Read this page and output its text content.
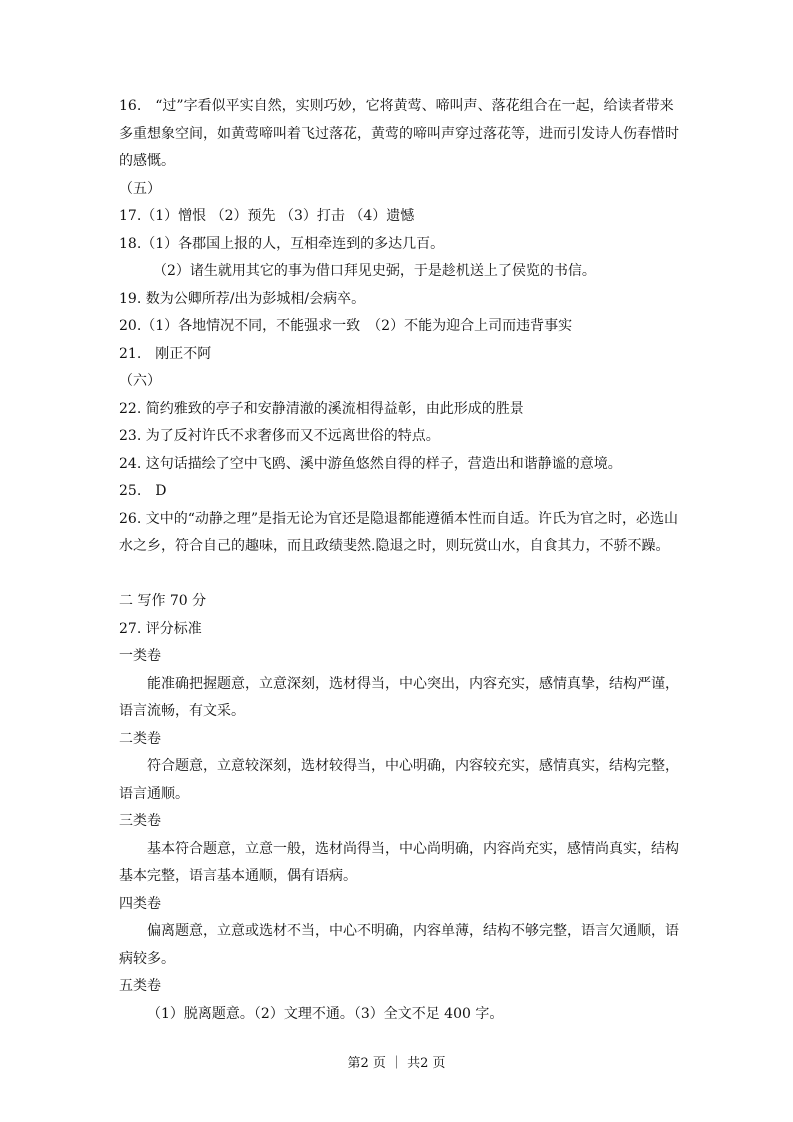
16.　“过”字看似平实自然，实则巧妙，它将黄莺、啼叫声、落花组合在一起，给读者带来多重想象空间，如黄莺啼叫着飞过落花，黄莺的啼叫声穿过落花等，进而引发诗人伤春惜时的感慨。
（五）
17.（1）憎恨 （2）预先 （3）打击 （4）遗憾
18.（1）各郡国上报的人，互相牵连到的多达几百。
（2）诸生就用其它的事为借口拜见史弼，于是趁机送上了侯览的书信。
19. 数为公卿所荐/出为彭城相/会病卒。
20.（1）各地情况不同，不能强求一致　（2）不能为迎合上司而违背事实
21.　刚正不阿
（六）
22. 简约雅致的亭子和安静清澈的溪流相得益彰，由此形成的胜景
23. 为了反衬许氏不求奢侈而又不远离世俗的特点。
24. 这句话描绘了空中飞鸥、溪中游鱼悠然自得的样子，营造出和谐静谧的意境。
25.　D
26. 文中的“动静之理”是指无论为官还是隐退都能遵循本性而自适。许氏为官之时，必选山水之乡，符合自己的趣味，而且政绩斐然.隐退之时，则玩赏山水，自食其力，不骄不躁。
二 写作 70 分
27. 评分标准
一类卷
能准确把握题意，立意深刻，选材得当，中心突出，内容充实，感情真挚，结构严谨，语言流畅，有文采。
二类卷
符合题意，立意较深刻，选材较得当，中心明确，内容较充实，感情真实，结构完整，语言通顺。
三类卷
基本符合题意，立意一般，选材尚得当，中心尚明确，内容尚充实，感情尚真实，结构基本完整，语言基本通顺，偶有语病。
四类卷
偏离题意，立意或选材不当，中心不明确，内容单薄，结构不够完整，语言欠通顺，语病较多。
五类卷
（1）脱离题意。（2）文理不通。（3）全文不足 400 字。
第2 页 ｜ 共2 页
